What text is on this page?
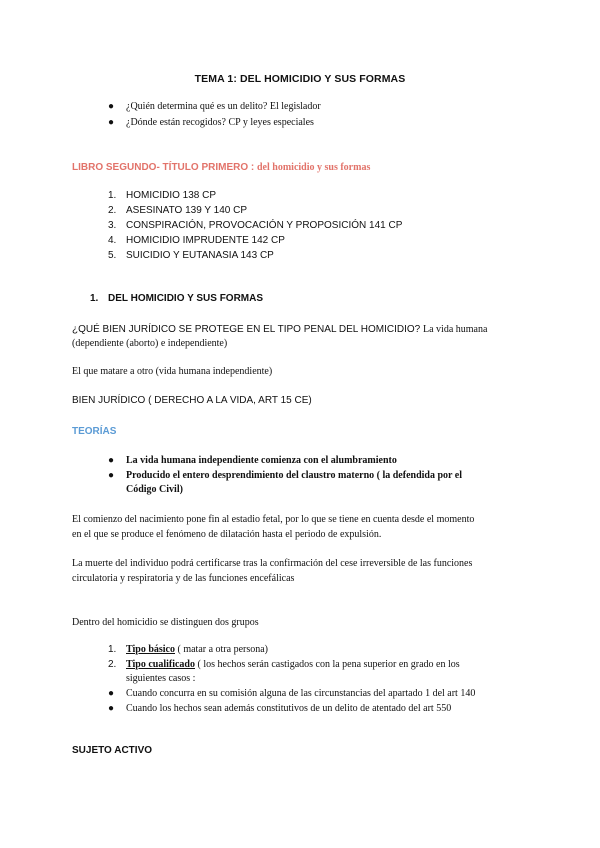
TEMA 1: DEL HOMICIDIO Y SUS FORMAS
● ¿Quién determina qué es un delito? El legislador
● ¿Dónde están recogidos? CP y leyes especiales
LIBRO SEGUNDO- TÍTULO PRIMERO : del homicidio y sus formas
1. HOMICIDIO 138 CP
2. ASESINATO 139 Y 140 CP
3. CONSPIRACIÓN, PROVOCACIÓN Y PROPOSICIÓN 141 CP
4. HOMICIDIO IMPRUDENTE 142 CP
5. SUICIDIO Y EUTANASIA 143 CP
1. DEL HOMICIDIO Y SUS FORMAS
¿QUÉ BIEN JURÍDICO SE PROTEGE EN EL TIPO PENAL DEL HOMICIDIO? La vida humana
(dependiente (aborto) e independiente)
El que matare a otro (vida humana independiente)
BIEN JURÍDICO ( DERECHO A LA VIDA, ART 15 CE)
TEORÍAS
● La vida humana independiente comienza con el alumbramiento
● Producido el entero desprendimiento del claustro materno ( la defendida por el
Código Civil)
El comienzo del nacimiento pone fin al estadio fetal, por lo que se tiene en cuenta desde el momento
en el que se produce el fenómeno de dilatación hasta el periodo de expulsión.
La muerte del individuo podrá certificarse tras la confirmación del cese irreversible de las funciones
circulatoria y respiratoria y de las funciones encefálicas
Dentro del homicidio se distinguen dos grupos
1. Tipo básico ( matar a otra persona)
2. Tipo cualificado ( los hechos serán castigados con la pena superior en grado en los
siguientes casos :
● Cuando concurra en su comisión alguna de las circunstancias del apartado 1 del art 140
● Cuando los hechos sean además constitutivos de un delito de atentado del art 550
SUJETO ACTIVO
